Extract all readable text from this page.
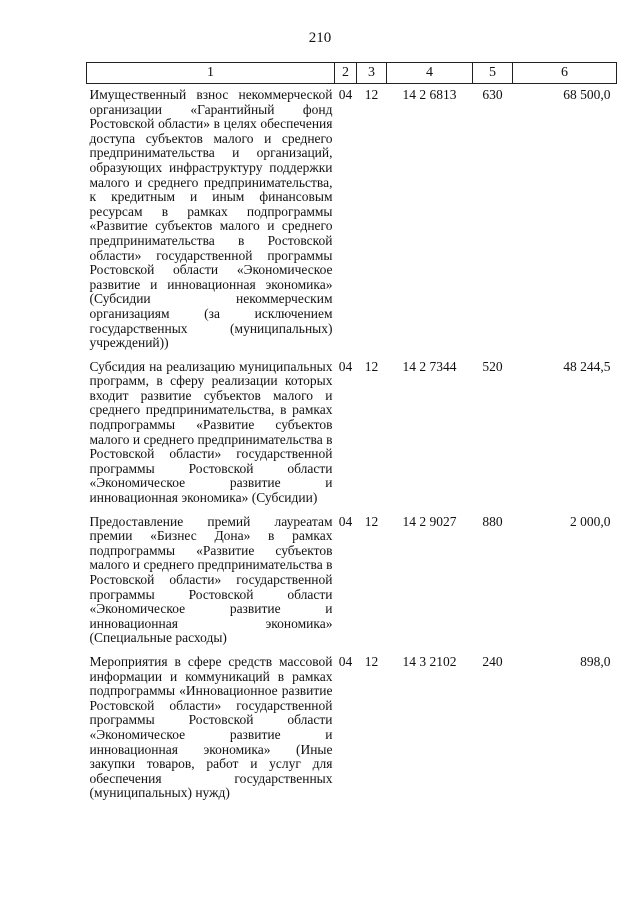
210
1	2	3	4	5	6
Имущественный взнос некоммерческой организации «Гарантийный фонд Ростовской области» в целях обеспечения доступа субъектов малого и среднего предпринимательства и организаций, образующих инфраструктуру поддержки малого и среднего предпринимательства, к кредитным и иным финансовым ресурсам в рамках подпрограммы «Развитие субъектов малого и среднего предпринимательства в Ростовской области» государственной программы Ростовской области «Экономическое развитие и инновационная экономика» (Субсидии некоммерческим организациям (за исключением государственных (муниципальных) учреждений))	04	12	14 2 6813	630	68 500,0
Субсидия на реализацию муниципальных программ, в сферу реализации которых входит развитие субъектов малого и среднего предпринимательства, в рамках подпрограммы «Развитие субъектов малого и среднего предпринимательства в Ростовской области» государственной программы Ростовской области «Экономическое развитие и инновационная экономика» (Субсидии)	04	12	14 2 7344	520	48 244,5
Предоставление премий лауреатам премии «Бизнес Дона» в рамках подпрограммы «Развитие субъектов малого и среднего предпринимательства в Ростовской области» государственной программы Ростовской области «Экономическое развитие и инновационная экономика» (Специальные расходы)	04	12	14 2 9027	880	2 000,0
Мероприятия в сфере средств массовой информации и коммуникаций в рамках подпрограммы «Инновационное развитие Ростовской области» государственной программы Ростовской области «Экономическое развитие и инновационная экономика» (Иные закупки товаров, работ и услуг для обеспечения государственных (муниципальных) нужд)	04	12	14 3 2102	240	898,0
